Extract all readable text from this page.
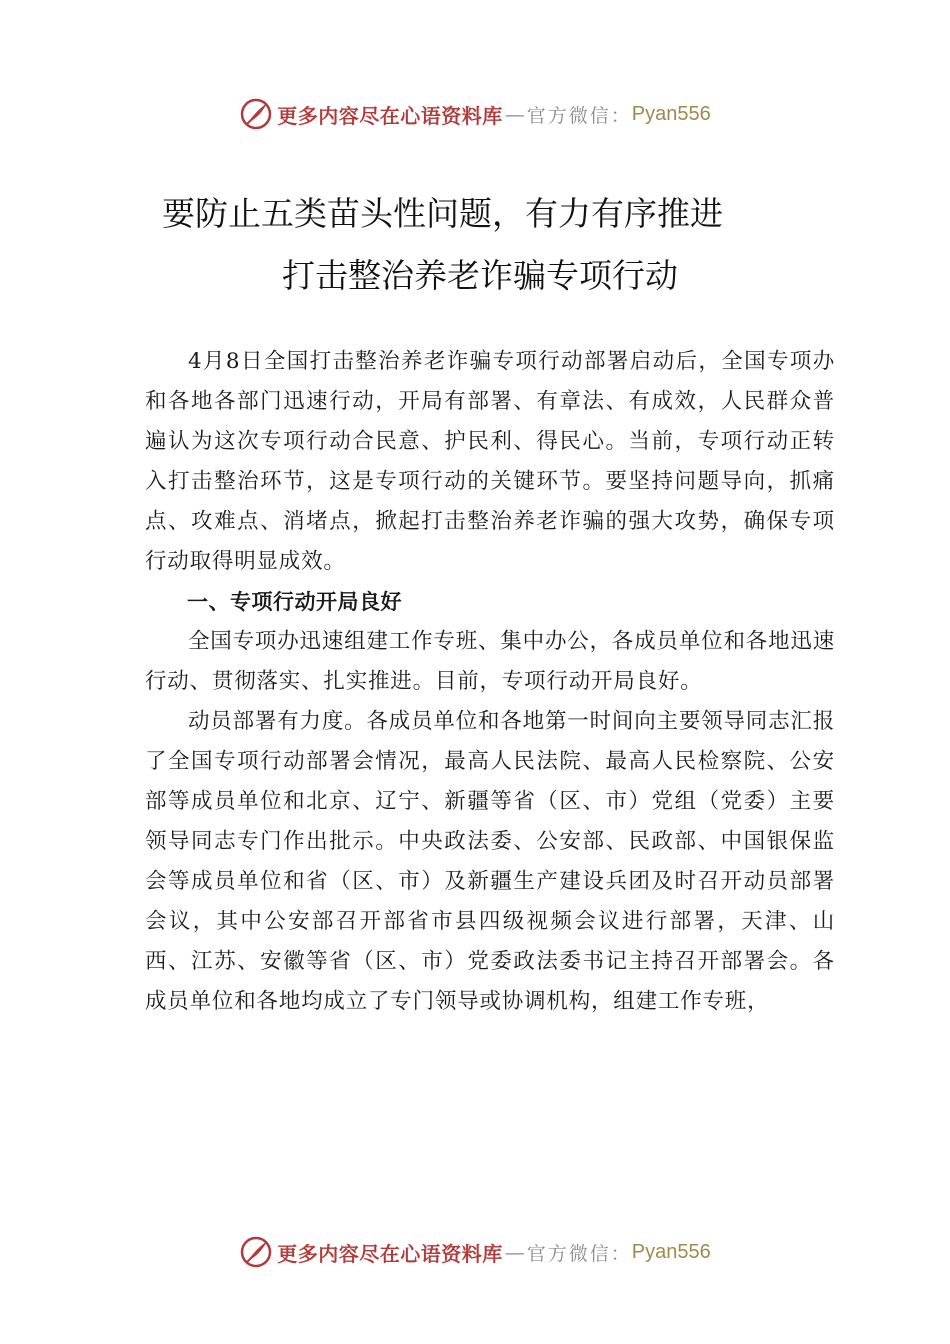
更多内容尽在心语资料库 — 官方微信： Pyan556
要防止五类苗头性问题，有力有序推进
打击整治养老诈骗专项行动

4月8日全国打击整治养老诈骗专项行动部署启动后，全国专项办和各地各部门迅速行动，开局有部署、有章法、有成效，人民群众普遍认为这次专项行动合民意、护民利、得民心。当前，专项行动正转入打击整治环节，这是专项行动的关键环节。要坚持问题导向，抓痛点、攻难点、消堵点，掀起打击整治养老诈骗的强大攻势，确保专项行动取得明显成效。

一、专项行动开局良好

全国专项办迅速组建工作专班、集中办公，各成员单位和各地迅速行动、贯彻落实、扎实推进。目前，专项行动开局良好。

动员部署有力度。各成员单位和各地第一时间向主要领导同志汇报了全国专项行动部署会情况，最高人民法院、最高人民检察院、公安部等成员单位和北京、辽宁、新疆等省（区、市）党组（党委）主要领导同志专门作出批示。中央政法委、公安部、民政部、中国银保监会等成员单位和省（区、市）及新疆生产建设兵团及时召开动员部署会议，其中公安部召开部省市县四级视频会议进行部署，天津、山西、江苏、安徽等省（区、市）党委政法委书记主持召开部署会。各成员单位和各地均成立了专门领导或协调机构，组建工作专班，

更多内容尽在心语资料库 — 官方微信： Pyan556
